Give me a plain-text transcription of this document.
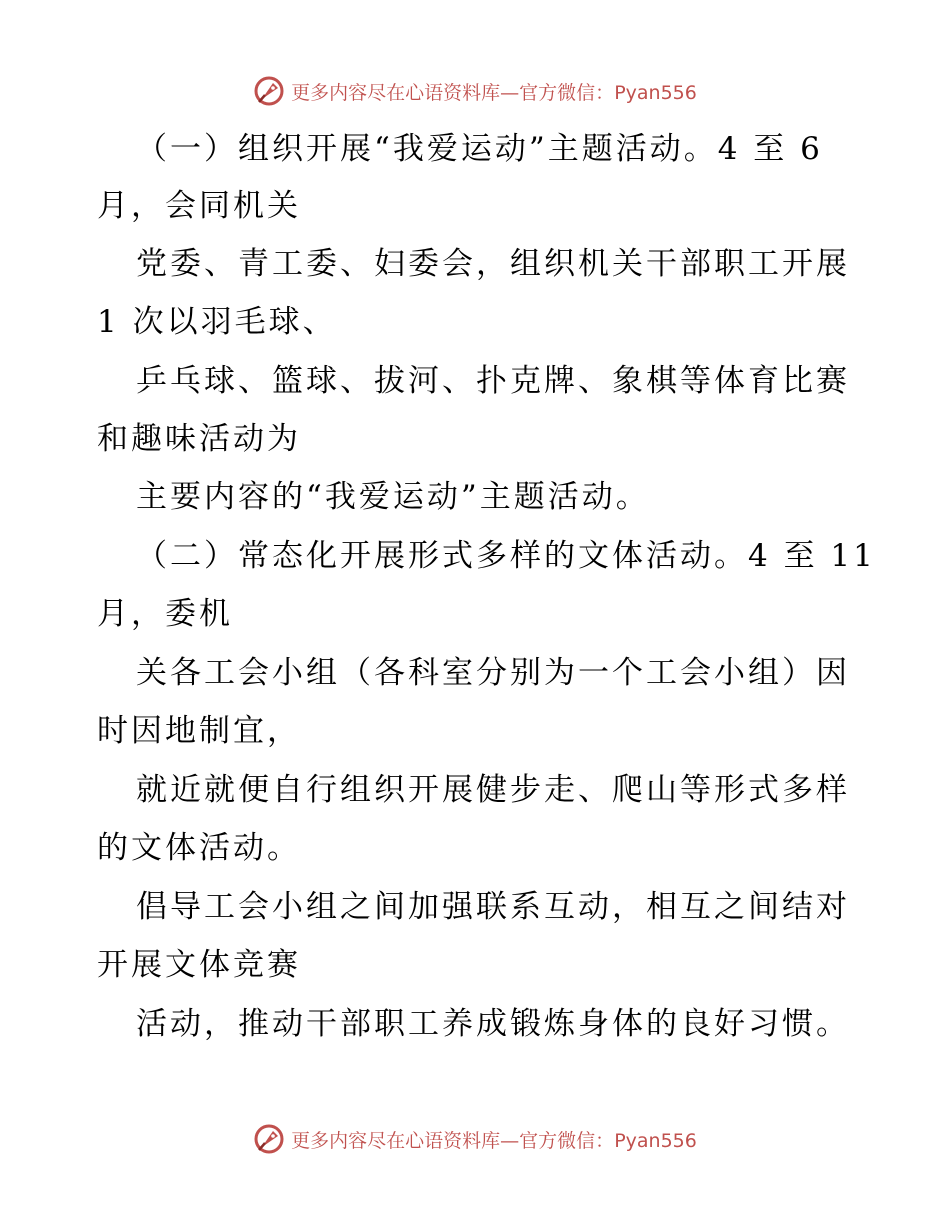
更多内容尽在心语资料库—官方微信：Pyan556
（一）组织开展“我爱运动”主题活动。4 至 6
月，会同机关
党委、青工委、妇委会，组织机关干部职工开展
1 次以羽毛球、
乒乓球、篮球、拔河、扑克牌、象棋等体育比赛
和趣味活动为
主要内容的“我爱运动”主题活动。
（二）常态化开展形式多样的文体活动。4 至 11
月，委机
关各工会小组（各科室分别为一个工会小组）因
时因地制宜，
就近就便自行组织开展健步走、爬山等形式多样
的文体活动。
倡导工会小组之间加强联系互动，相互之间结对
开展文体竞赛
活动，推动干部职工养成锻炼身体的良好习惯。
更多内容尽在心语资料库—官方微信：Pyan556
